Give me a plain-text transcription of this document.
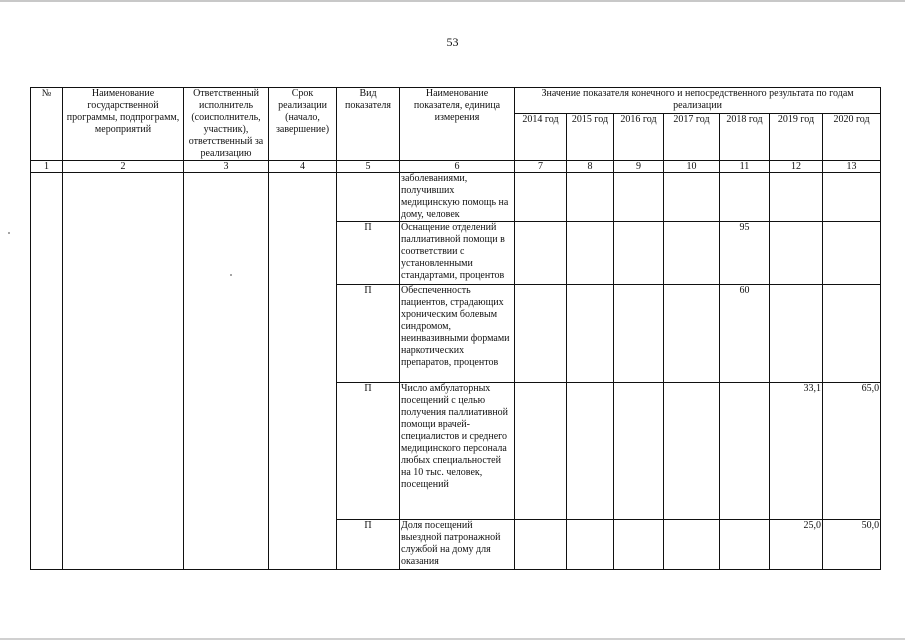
53
№	Наименование государственной программы, подпрограмм, мероприятий	Ответственный исполнитель (соисполнитель, участник), ответственный за реализацию	Срок реализации (начало, завершение)	Вид показателя	Наименование показателя, единица измерения	Значение показателя конечного и непосредственного результата по годам реализации						
						2014 год	2015 год	2016 год	2017 год	2018 год	2019 год	2020 год
1	2	3	4	5	6	7	8	9	10	11	12	13
					заболеваниями, получивших медицинскую помощь на дому, человек							
				П	Оснащение отделений паллиативной помощи в соответствии с установленными стандартами, процентов					95		
				П	Обеспеченность пациентов, страдающих хроническим болевым синдромом, неинвазивными формами наркотических препаратов, процентов					60		
				П	Число амбулаторных посещений с целью получения паллиативной помощи врачей-специалистов и среднего медицинского персонала любых специальностей на 10 тыс. человек, посещений						33,1	65,0
				П	Доля посещений выездной патронажной службой на дому для оказания						25,0	50,0
